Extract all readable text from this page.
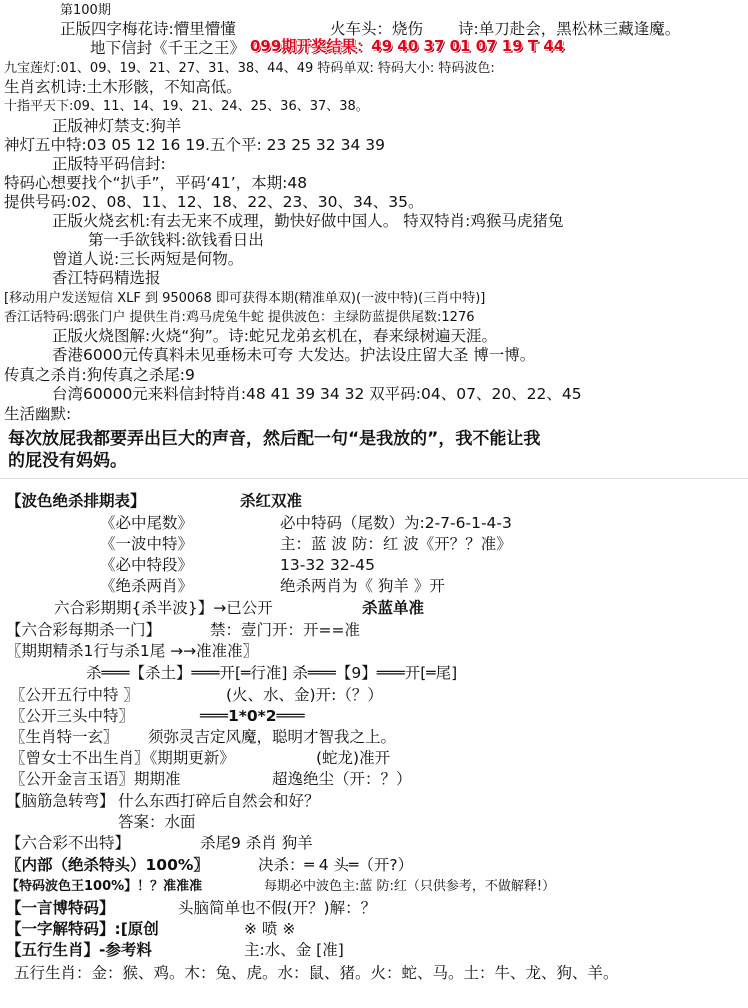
第100期
正版四字梅花诗:懵里懵懂	火车头：烧伤 诗:单刀赴会，黑松林三藏逢魔。
地下信封《千王之王》 099期开奖结果：49 40 37 01 07 19 T 44
九宝莲灯:01、09、19、21、27、31、38、44、49 特码单双: 特码大小: 特码波色:
生肖玄机诗:土木形骸，不知高低。
十指平天下:09、11、14、19、21、24、25、36、37、38。
正版神灯禁支:狗羊
神灯五中特:03 05 12 16 19.五个平: 23 25 32 34 39
正版特平码信封:
特码心想要找个“扒手”，平码‘41’，本期:48
提供号码:02、08、11、12、18、22、23、30、34、35。
正版火烧玄机:有去无来不成理，勤快好做中国人。 特双特肖:鸡猴马虎猪兔
第一手欲钱料:欲钱看日出
曾道人说:三长两短是何物。
香江特码精选报
[移动用户发送短信 XLF 到 950068 即可获得本期(精准单双)(一波中特)(三肖中特)]
香江话特码:鸱张门户 提供生肖:鸡马虎兔牛蛇 提供波色：主绿防蓝提供尾数:1276
正版火烧图解:火烧“狗”。诗:蛇兄龙弟玄机在，春来绿树遍天涯。
香港6000元传真料未见垂杨未可夸 大发达。护法设庄留大圣 博一博。
传真之杀肖:狗传真之杀尾:9
台湾60000元来料信封特肖:48 41 39 34 32 双平码:04、07、20、22、45
生活幽默:
每次放屁我都要弄出巨大的声音，然后配一句“是我放的”，我不能让我
的屁没有妈妈。
【波色绝杀排期表】	杀红双准
《必中尾数》	必中特码（尾数）为:2-7-6-1-4-3
《一波中特》	主：蓝 波 防：红 波《开？？准》
《必中特段》	13-32 32-45
《绝杀两肖》	绝杀两肖为《 狗羊 》开
六合彩期期{杀半波}】→已公开	杀蓝单准
【六合彩每期杀一门】	禁：壹门开：开==准
〖期期精杀1行与杀1尾 →→准准准〗
杀═══【杀土】═══开[═行准] 杀═══【9】═══开[═尾]
〖公开五行中特 〗	(火、水、金)开:（？）
〖公开三头中特〗	═══1*0*2═══
〖生肖特一玄〗 须弥灵吉定风魔，聪明才智我之上。
〖曾女士不出生肖〗《期期更新》	(蛇龙)准开
〖公开金言玉语〗期期准	超逸绝尘（开：？）
【脑筋急转弯】 什么东西打碎后自然会和好？
答案：水面
【六合彩不出特】	杀尾9 杀肖 狗羊
〖内部（绝杀特头）100%〗	决杀：═ 4 头═（开?）
【特码波色王100%】！？准准准	每期必中波色主:蓝 防:红（只供参考，不做解释!）
【一言博特码】	头脑简单也不假(开？)解：？
【一字解特码】:[原创	※ 喷 ※
【五行生肖】-参考料	主:水、金 [准]
五行生肖：金：猴、鸡。木：兔、虎。水：鼠、猪。火：蛇、马。土：牛、龙、狗、羊。
